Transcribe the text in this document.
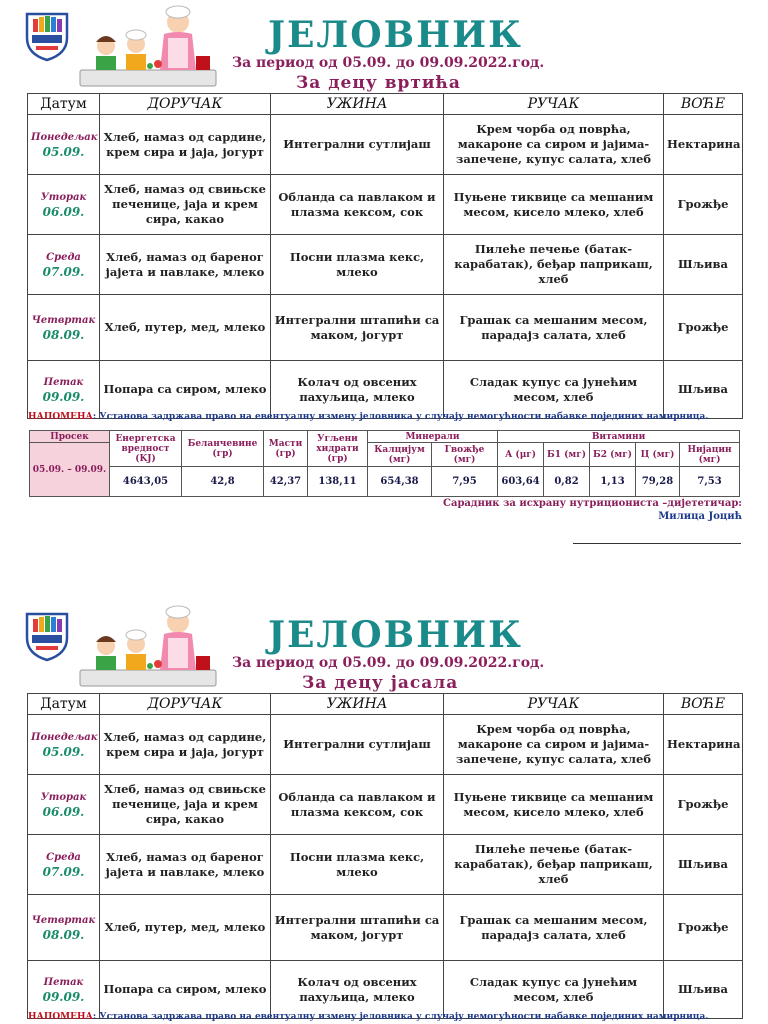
ЈЕЛОВНИК
За период од 05.09. до 09.09.2022.год.
За децу вртића
Датум	ДОРУЧАК	УЖИНА	РУЧАК	ВОЋЕ

Понедељак
05.09.	Хлеб, намаз од сардине, крем сира и јаја, јогурт	Интегрални сутлијаш	Крем чорба од поврћа, макароне са сиром и јајима-запечене, купус салата, хлеб	Нектарина

Уторак
06.09.	Хлеб, намаз од свињске печенице, јаја и крем сира, какао	Обланда са павлаком и плазма кексом, сок	Пуњене тиквице са мешаним месом, кисело млеко, хлеб	Грожђе

Среда
07.09.	Хлеб, намаз од бареног јајета и павлаке, млеко	Посни плазма кекс, млеко	Пилеће печење (батак-карабатак), беђар паприкаш, хлеб	Шљива

Четвртак
08.09.	Хлеб, путер, мед, млеко	Интегрални штапићи са маком, јогурт	Грашак са мешаним месом, парадајз салата, хлеб	Грожђе

Петак
09.09.	Попара са сиром, млеко	Колач од овсених пахуљица, млеко	Сладак купус са јунећим месом, хлеб	Шљива
НАПОМЕНА: Установа задржава право на евентуалну измену јеловника у случају немогућности набавке појединих намирница.
Просек	Енергетска вредност (KJ)	Беланчевине (гр)	Масти (гр)	Угљени хидрати (гр)	Минерали		Витамини				
05.09. – 09.09.					Калцијум (мг)	Гвожђе (мг)	А (μг)	Б1 (мг)	Б2 (мг)	Ц (мг)	Нијацин (мг)
	4643,05	42,8	42,37	138,11	654,38	7,95	603,64	0,82	1,13	79,28	7,53
Сарадник за исхрану нутрициониста –дијететичар:
Милица Јоцић
ЈЕЛОВНИК
За период од 05.09. до 09.09.2022.год.
За децу јасала
Датум	ДОРУЧАК	УЖИНА	РУЧАК	ВОЋЕ

Понедељак
05.09.	Хлеб, намаз од сардине, крем сира и јаја, јогурт	Интегрални сутлијаш	Крем чорба од поврћа, макароне са сиром и јајима-запечене, купус салата, хлеб	Нектарина

Уторак
06.09.	Хлеб, намаз од свињске печенице, јаја и крем сира, какао	Обланда са павлаком и плазма кексом, сок	Пуњене тиквице са мешаним месом, кисело млеко, хлеб	Грожђе

Среда
07.09.	Хлеб, намаз од бареног јајета и павлаке, млеко	Посни плазма кекс, млеко	Пилеће печење (батак-карабатак), беђар паприкаш, хлеб	Шљива

Четвртак
08.09.	Хлеб, путер, мед, млеко	Интегрални штапићи са маком, јогурт	Грашак са мешаним месом, парадајз салата, хлеб	Грожђе

Петак
09.09.	Попара са сиром, млеко	Колач од овсених пахуљица, млеко	Сладак купус са јунећим месом, хлеб	Шљива
НАПОМЕНА: Установа задржава право на евентуалну измену јеловника у случају немогућности набавке појединих намирница.
